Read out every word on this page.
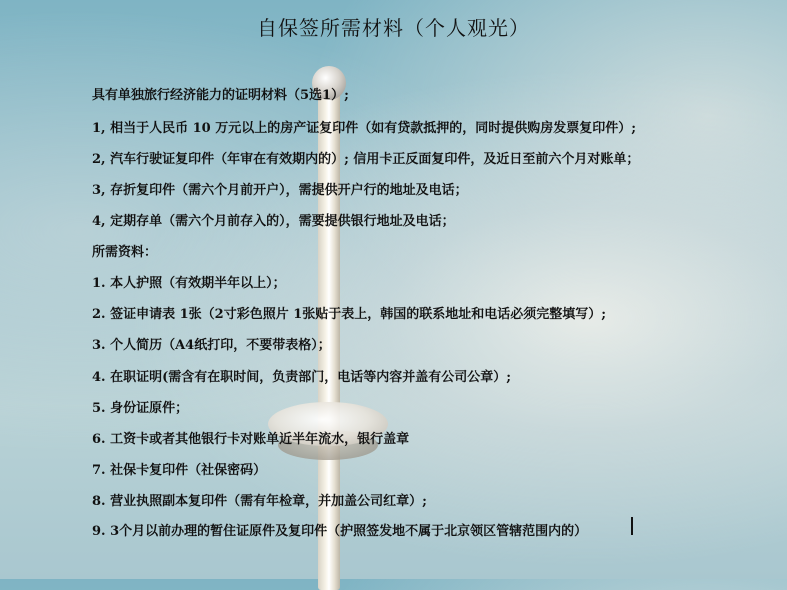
自保签所需材料（个人观光）
具有单独旅行经济能力的证明材料（5选1）;
1, 相当于人民币 10 万元以上的房产证复印件（如有贷款抵押的，同时提供购房发票复印件）;
2, 汽车行驶证复印件（年审在有效期内的）; 信用卡正反面复印件，及近日至前六个月对账单；
3, 存折复印件（需六个月前开户），需提供开户行的地址及电话；
4, 定期存单（需六个月前存入的），需要提供银行地址及电话；
所需资料：
1. 本人护照（有效期半年以上）；
2. 签证申请表 1张（2寸彩色照片 1张贴于表上，韩国的联系地址和电话必须完整填写）;
3. 个人简历（A4纸打印，不要带表格）；
4. 在职证明(需含有在职时间，负责部门，电话等内容并盖有公司公章）;
5. 身份证原件；
6. 工资卡或者其他银行卡对账单近半年流水，银行盖章
7. 社保卡复印件（社保密码）
8. 营业执照副本复印件（需有年检章，并加盖公司红章）;
9. 3个月以前办理的暂住证原件及复印件（护照签发地不属于北京领区管辖范围内的）
